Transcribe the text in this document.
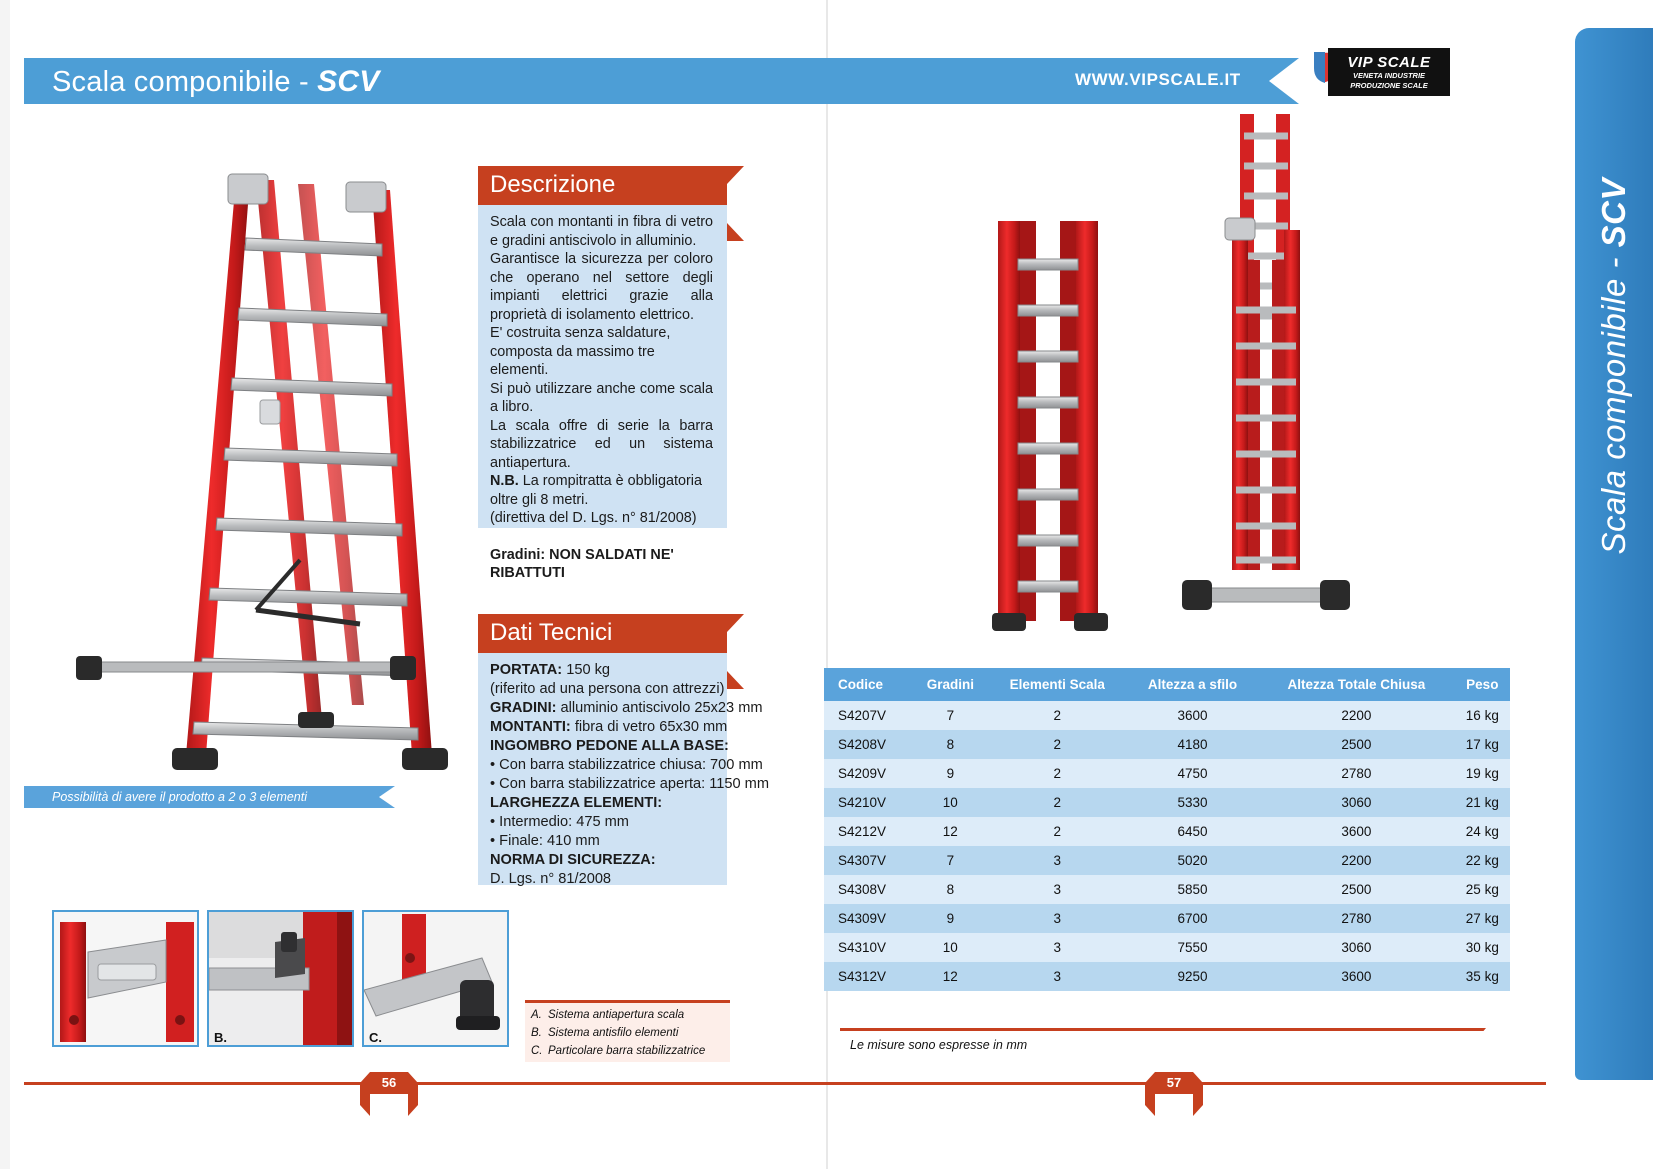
Scala componibile - SCV	WWW.VIPSCALE.IT
VIP SCALE
VENETA INDUSTRIE
PRODUZIONE SCALE
Scala componibile - SCV
Descrizione

Scala con montanti in fibra di vetro e gradini antiscivolo in alluminio.

Garantisce la sicurezza per coloro che operano nel settore degli impianti elettrici grazie alla proprietà di isolamento elettrico.

E' costruita senza saldature, composta da massimo tre elementi.

Si può utilizzare anche come scala a libro.

La scala offre di serie la barra stabilizzatrice ed un sistema antiapertura.

N.B. La rompitratta è obbligatoria oltre gli 8 metri.

(direttiva del D. Lgs. n° 81/2008)

Gradini: NON SALDATI NE' RIBATTUTI

Dati Tecnici
PORTATA: 150 kg
(riferito ad una persona con attrezzi)
GRADINI: alluminio antiscivolo 25x23 mm
MONTANTI: fibra di vetro 65x30 mm
INGOMBRO PEDONE ALLA BASE:
• Con barra stabilizzatrice chiusa: 700 mm
• Con barra stabilizzatrice aperta: 1150 mm
LARGHEZZA ELEMENTI:
• Intermedio: 475 mm
• Finale: 410 mm
NORMA DI SICUREZZA:
D. Lgs. n° 81/2008
Possibilità di avere il prodotto a 2 o 3 elementi
B.	C.
A. Sistema antiapertura scala
B. Sistema antisfilo elementi
C. Particolare barra stabilizzatrice
Codice	Gradini	Elementi Scala	Altezza a sfilo	Altezza Totale Chiusa	Peso
S4207V	7	2	3600	2200	16 kg
S4208V	8	2	4180	2500	17 kg
S4209V	9	2	4750	2780	19 kg
S4210V	10	2	5330	3060	21 kg
S4212V	12	2	6450	3600	24 kg
S4307V	7	3	5020	2200	22 kg
S4308V	8	3	5850	2500	25 kg
S4309V	9	3	6700	2780	27 kg
S4310V	10	3	7550	3060	30 kg
S4312V	12	3	9250	3600	35 kg
Le misure sono espresse in mm
56	57
